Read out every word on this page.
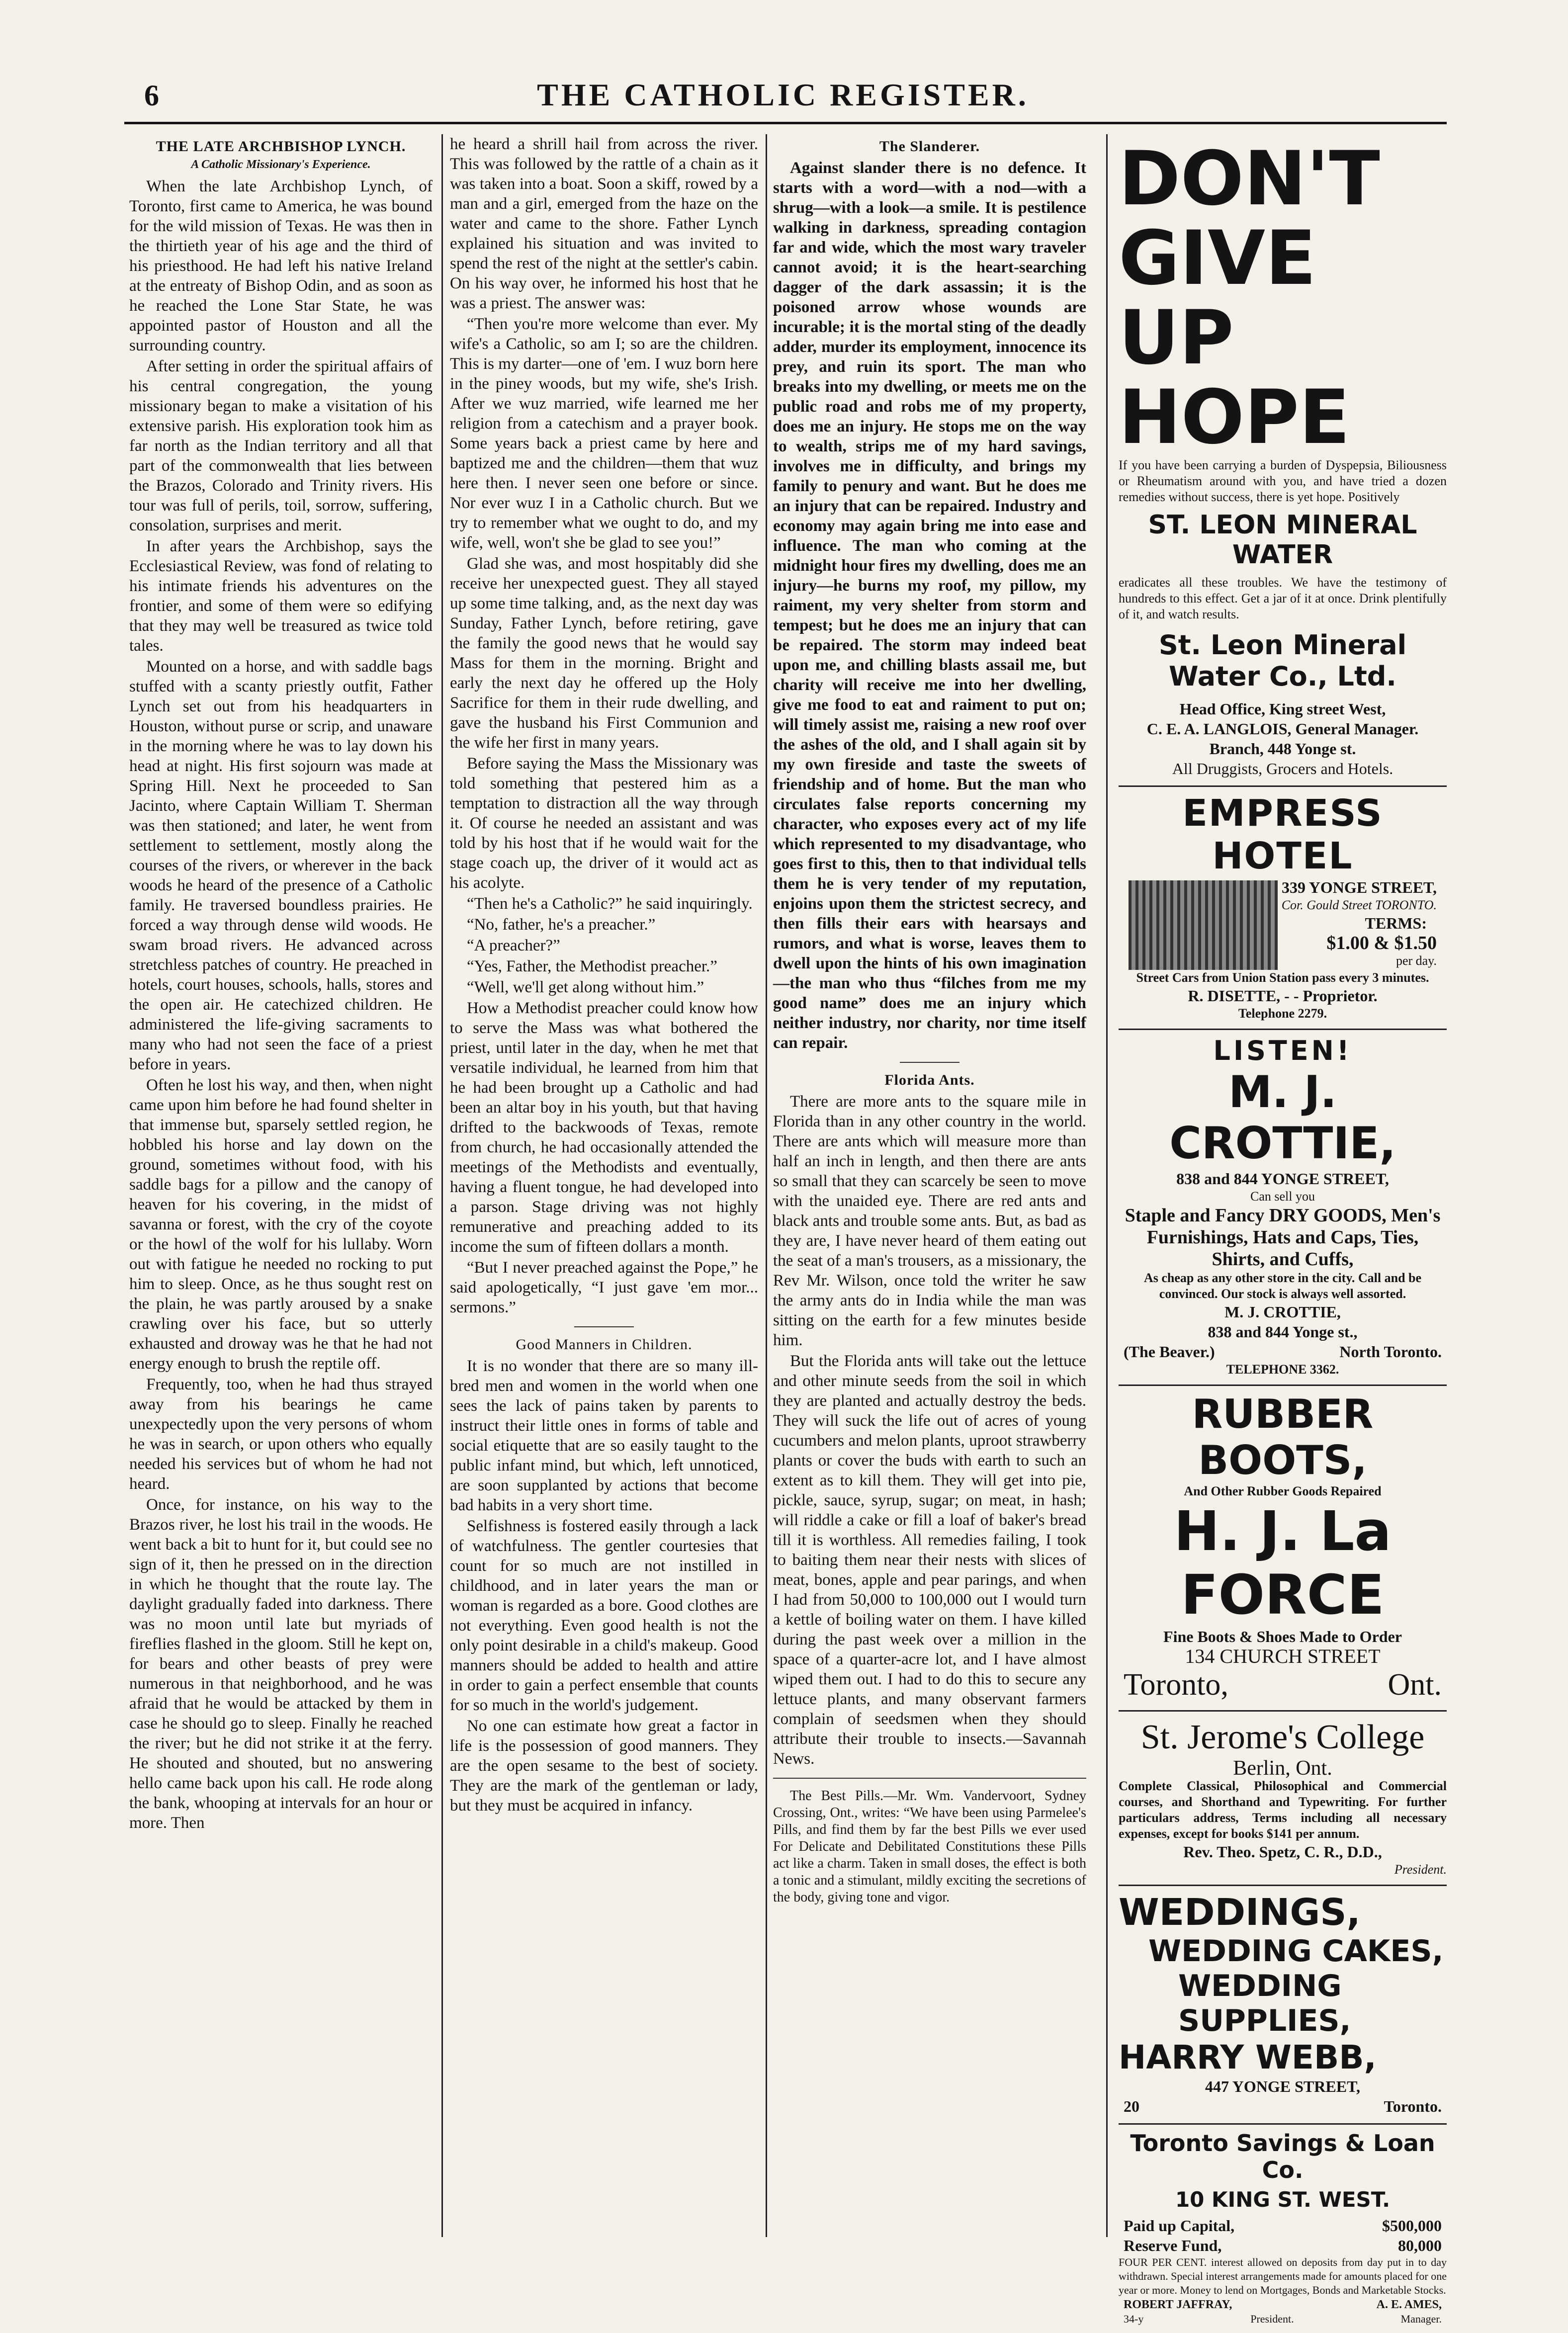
6	THE CATHOLIC REGISTER.
THE LATE ARCHBISHOP LYNCH.
A Catholic Missionary's Experience.

When the late Archbishop Lynch, of Toronto, first came to America, he was bound for the wild mission of Texas. He was then in the thirtieth year of his age and the third of his priesthood. He had left his native Ireland at the entreaty of Bishop Odin, and as soon as he reached the Lone Star State, he was appointed pastor of Houston and all the surrounding country.

After setting in order the spiritual affairs of his central congregation, the young missionary began to make a visitation of his extensive parish. His exploration took him as far north as the Indian territory and all that part of the commonwealth that lies between the Brazos, Colorado and Trinity rivers. His tour was full of perils, toil, sorrow, suffering, consolation, surprises and merit.

In after years the Archbishop, says the Ecclesiastical Review, was fond of relating to his intimate friends his adventures on the frontier, and some of them were so edifying that they may well be treasured as twice told tales.

Mounted on a horse, and with saddle bags stuffed with a scanty priestly outfit, Father Lynch set out from his headquarters in Houston, without purse or scrip, and unaware in the morning where he was to lay down his head at night. His first sojourn was made at Spring Hill. Next he proceeded to San Jacinto, where Captain William T. Sherman was then stationed; and later, he went from settlement to settlement, mostly along the courses of the rivers, or wherever in the back woods he heard of the presence of a Catholic family. He traversed boundless prairies. He forced a way through dense wild woods. He swam broad rivers. He advanced across stretchless patches of country. He preached in hotels, court houses, schools, halls, stores and the open air. He catechized children. He administered the life-giving sacraments to many who had not seen the face of a priest before in years.

Often he lost his way, and then, when night came upon him before he had found shelter in that immense but, sparsely settled region, he hobbled his horse and lay down on the ground, sometimes without food, with his saddle bags for a pillow and the canopy of heaven for his covering, in the midst of savanna or forest, with the cry of the coyote or the howl of the wolf for his lullaby. Worn out with fatigue he needed no rocking to put him to sleep. Once, as he thus sought rest on the plain, he was partly aroused by a snake crawling over his face, but so utterly exhausted and droway was he that he had not energy enough to brush the reptile off.

Frequently, too, when he had thus strayed away from his bearings he came unexpectedly upon the very persons of whom he was in search, or upon others who equally needed his services but of whom he had not heard.

Once, for instance, on his way to the Brazos river, he lost his trail in the woods. He went back a bit to hunt for it, but could see no sign of it, then he pressed on in the direction in which he thought that the route lay. The daylight gradually faded into darkness. There was no moon until late but myriads of fireflies flashed in the gloom. Still he kept on, for bears and other beasts of prey were numerous in that neighborhood, and he was afraid that he would be attacked by them in case he should go to sleep. Finally he reached the river; but he did not strike it at the ferry. He shouted and shouted, but no answering hello came back upon his call. He rode along the bank, whooping at intervals for an hour or more. Then

he heard a shrill hail from across the river. This was followed by the rattle of a chain as it was taken into a boat. Soon a skiff, rowed by a man and a girl, emerged from the haze on the water and came to the shore. Father Lynch explained his situation and was invited to spend the rest of the night at the settler's cabin. On his way over, he informed his host that he was a priest. The answer was:

“Then you're more welcome than ever. My wife's a Catholic, so am I; so are the children. This is my darter—one of 'em. I wuz born here in the piney woods, but my wife, she's Irish. After we wuz married, wife learned me her religion from a catechism and a prayer book. Some years back a priest came by here and baptized me and the children—them that wuz here then. I never seen one before or since. Nor ever wuz I in a Catholic church. But we try to remember what we ought to do, and my wife, well, won't she be glad to see you!”

Glad she was, and most hospitably did she receive her unexpected guest. They all stayed up some time talking, and, as the next day was Sunday, Father Lynch, before retiring, gave the family the good news that he would say Mass for them in the morning. Bright and early the next day he offered up the Holy Sacrifice for them in their rude dwelling, and gave the husband his First Communion and the wife her first in many years.

Before saying the Mass the Missionary was told something that pestered him as a temptation to distraction all the way through it. Of course he needed an assistant and was told by his host that if he would wait for the stage coach up, the driver of it would act as his acolyte.

“Then he's a Catholic?” he said inquiringly.

“No, father, he's a preacher.”

“A preacher?”

“Yes, Father, the Methodist preacher.”

“Well, we'll get along without him.”

How a Methodist preacher could know how to serve the Mass was what bothered the priest, until later in the day, when he met that versatile individual, he learned from him that he had been brought up a Catholic and had been an altar boy in his youth, but that having drifted to the backwoods of Texas, remote from church, he had occasionally attended the meetings of the Methodists and eventually, having a fluent tongue, he had developed into a parson. Stage driving was not highly remunerative and preaching added to its income the sum of fifteen dollars a month.

“But I never preached against the Pope,” he said apologetically, “I just gave 'em mor... sermons.”

Good Manners in Children.

It is no wonder that there are so many ill-bred men and women in the world when one sees the lack of pains taken by parents to instruct their little ones in forms of table and social etiquette that are so easily taught to the public infant mind, but which, left unnoticed, are soon supplanted by actions that become bad habits in a very short time.

Selfishness is fostered easily through a lack of watchfulness. The gentler courtesies that count for so much are not instilled in childhood, and in later years the man or woman is regarded as a bore. Good clothes are not everything. Even good health is not the only point desirable in a child's makeup. Good manners should be added to health and attire in order to gain a perfect ensemble that counts for so much in the world's judgement.

No one can estimate how great a factor in life is the possession of good manners. They are the open sesame to the best of society. They are the mark of the gentleman or lady, but they must be acquired in infancy.

The Slanderer.

Against slander there is no defence. It starts with a word—with a nod—with a shrug—with a look—a smile. It is pestilence walking in darkness, spreading contagion far and wide, which the most wary traveler cannot avoid; it is the heart-searching dagger of the dark assassin; it is the poisoned arrow whose wounds are incurable; it is the mortal sting of the deadly adder, murder its employment, innocence its prey, and ruin its sport. The man who breaks into my dwelling, or meets me on the public road and robs me of my property, does me an injury. He stops me on the way to wealth, strips me of my hard savings, involves me in difficulty, and brings my family to penury and want. But he does me an injury that can be repaired. Industry and economy may again bring me into ease and influence. The man who coming at the midnight hour fires my dwelling, does me an injury—he burns my roof, my pillow, my raiment, my very shelter from storm and tempest; but he does me an injury that can be repaired. The storm may indeed beat upon me, and chilling blasts assail me, but charity will receive me into her dwelling, give me food to eat and raiment to put on; will timely assist me, raising a new roof over the ashes of the old, and I shall again sit by my own fireside and taste the sweets of friendship and of home. But the man who circulates false reports concerning my character, who exposes every act of my life which represented to my disadvantage, who goes first to this, then to that individual tells them he is very tender of my reputation, enjoins upon them the strictest secrecy, and then fills their ears with hearsays and rumors, and what is worse, leaves them to dwell upon the hints of his own imagination—the man who thus “filches from me my good name” does me an injury which neither industry, nor charity, nor time itself can repair.

Florida Ants.

There are more ants to the square mile in Florida than in any other country in the world. There are ants which will measure more than half an inch in length, and then there are ants so small that they can scarcely be seen to move with the unaided eye. There are red ants and black ants and trouble some ants. But, as bad as they are, I have never heard of them eating out the seat of a man's trousers, as a missionary, the Rev Mr. Wilson, once told the writer he saw the army ants do in India while the man was sitting on the earth for a few minutes beside him.

But the Florida ants will take out the lettuce and other minute seeds from the soil in which they are planted and actually destroy the beds. They will suck the life out of acres of young cucumbers and melon plants, uproot strawberry plants or cover the buds with earth to such an extent as to kill them. They will get into pie, pickle, sauce, syrup, sugar; on meat, in hash; will riddle a cake or fill a loaf of baker's bread till it is worthless. All remedies failing, I took to baiting them near their nests with slices of meat, bones, apple and pear parings, and when I had from 50,000 to 100,000 out I would turn a kettle of boiling water on them. I have killed during the past week over a million in the space of a quarter-acre lot, and I have almost wiped them out. I had to do this to secure any lettuce plants, and many observant farmers complain of seedsmen when they should attribute their trouble to insects.—Savannah News.

The Best Pills.—Mr. Wm. Vandervoort, Sydney Crossing, Ont., writes: “We have been using Parmelee's Pills, and find them by far the best Pills we ever used For Delicate and Debilitated Constitutions these Pills act like a charm. Taken in small doses, the effect is both a tonic and a stimulant, mildly exciting the secretions of the body, giving tone and vigor.

DON'T
GIVE UP
HOPE
If you have been carrying a burden of Dyspepsia, Biliousness or Rheumatism around with you, and have tried a dozen remedies without success, there is yet hope. Positively
ST. LEON MINERAL WATER
eradicates all these troubles. We have the testimony of hundreds to this effect. Get a jar of it at once. Drink plentifully of it, and watch results.
St. Leon Mineral Water Co., Ltd.
Head Office, King street West,
C. E. A. LANGLOIS, General Manager.
Branch, 448 Yonge st.
All Druggists, Grocers and Hotels.
EMPRESS HOTEL
339 YONGE STREET,
Cor. Gould Street TORONTO.
TERMS:
$1.00 & $1.50
per day.
Street Cars from Union Station pass every 3 minutes.
R. DISETTE, - - Proprietor.
Telephone 2279.
LISTEN!
M. J. CROTTIE,
838 and 844 YONGE STREET,
Can sell you
Staple and Fancy DRY GOODS, Men's Furnishings, Hats and Caps, Ties, Shirts, and Cuffs,
As cheap as any other store in the city. Call and be convinced. Our stock is always well assorted.
M. J. CROTTIE,
838 and 844 Yonge st.,
(The Beaver.)	North Toronto.
TELEPHONE 3362.
RUBBER BOOTS,
And Other Rubber Goods Repaired
H. J. La FORCE
Fine Boots & Shoes Made to Order
134 CHURCH STREET
Toronto,	Ont.
St. Jerome's College
Berlin, Ont.
Complete Classical, Philosophical and Commercial courses, and Shorthand and Typewriting. For further particulars address, Terms including all necessary expenses, except for books $141 per annum.
Rev. Theo. Spetz, C. R., D.D.,
President.
WEDDINGS,
WEDDING CAKES,
WEDDING SUPPLIES,
HARRY WEBB,
447 YONGE STREET,
20	Toronto.
Toronto Savings & Loan Co.
10 KING ST. WEST.
Paid up Capital,	$500,000
Reserve Fund,	80,000
FOUR PER CENT. interest allowed on deposits from day put in to day withdrawn. Special interest arrangements made for amounts placed for one year or more. Money to lend on Mortgages, Bonds and Marketable Stocks.
ROBERT JAFFRAY,	A. E. AMES,
34-y	President.	Manager.
